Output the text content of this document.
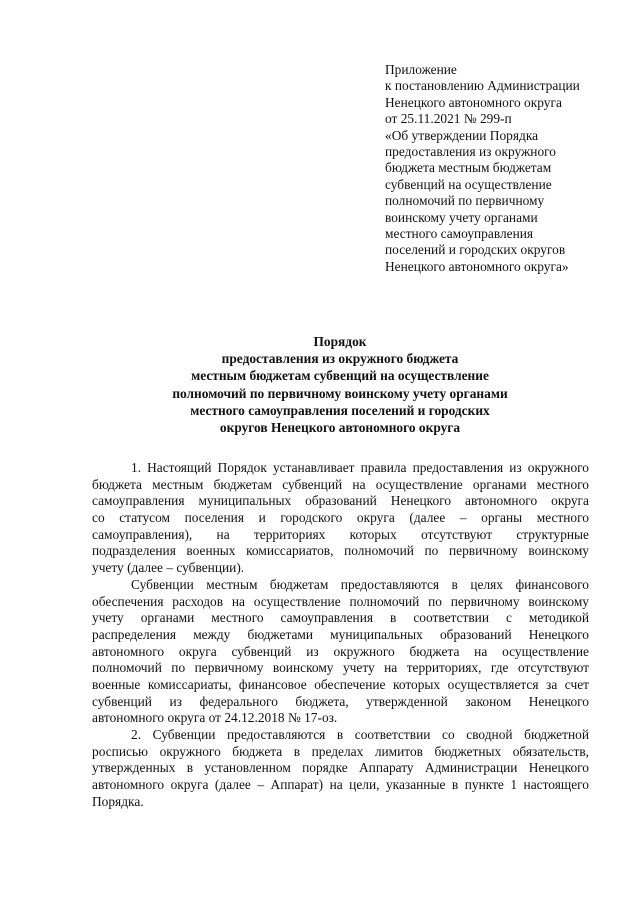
Приложение
к постановлению Администрации
Ненецкого автономного округа
от 25.11.2021 № 299-п
«Об утверждении Порядка
предоставления из окружного
бюджета местным бюджетам
субвенций на осуществление
полномочий по первичному
воинскому учету органами
местного самоуправления
поселений и городских округов
Ненецкого автономного округа»
Порядок
предоставления из окружного бюджета
местным бюджетам субвенций на осуществление
полномочий по первичному воинскому учету органами
местного самоуправления поселений и городских
округов Ненецкого автономного округа
1. Настоящий Порядок устанавливает правила предоставления из окружного
бюджета местным бюджетам субвенций на осуществление органами местного
самоуправления муниципальных образований Ненецкого автономного округа
со статусом поселения и городского округа (далее – органы местного
самоуправления), на территориях которых отсутствуют структурные
подразделения военных комиссариатов, полномочий по первичному воинскому
учету (далее – субвенции).
Субвенции местным бюджетам предоставляются в целях финансового
обеспечения расходов на осуществление полномочий по первичному воинскому
учету органами местного самоуправления в соответствии с методикой
распределения между бюджетами муниципальных образований Ненецкого
автономного округа субвенций из окружного бюджета на осуществление
полномочий по первичному воинскому учету на территориях, где отсутствуют
военные комиссариаты, финансовое обеспечение которых осуществляется за счет
субвенций из федерального бюджета, утвержденной законом Ненецкого
автономного округа от 24.12.2018 № 17-оз.
2. Субвенции предоставляются в соответствии со сводной бюджетной
росписью окружного бюджета в пределах лимитов бюджетных обязательств,
утвержденных в установленном порядке Аппарату Администрации Ненецкого
автономного округа (далее – Аппарат) на цели, указанные в пункте 1 настоящего
Порядка.
